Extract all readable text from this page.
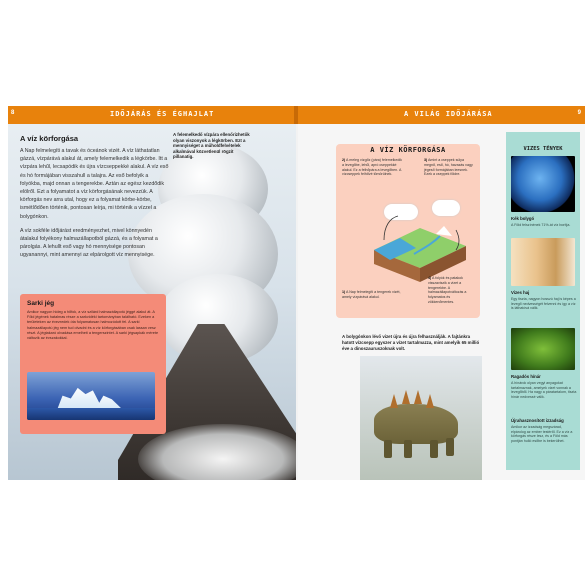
8	IDŐJÁRÁS ÉS ÉGHAJLAT	A VILÁG IDŐJÁRÁSA	9
A víz körforgása

A Nap felmelegíti a tavak és óceánok vizét. A víz láthatatlan gázzá, vízpárává alakul át, amely felemelkedik a légkörbe. Itt a vízpára lehűl, lecsapódik és újra vízcseppekké alakul. A víz eső és hó formájában visszahull a talajra. Az eső befolyik a folyókba, majd onnan a tengerekbe. Aztán az egész kezdődik elölről. Ezt a folyamatot a víz körforgásának nevezzük. A körforgás nev arra utal, hogy ez a folyamat körbe-körbe, ismétlődően történik, pontosan leírja, mi történik a vízzel a bolygónkon.

A víz sokféle időjárást eredményezhet, mivel könnyedén átalakul folyékony halmazállapotból gázzá, és a folyamat a párolgás. A lehullt eső vagy hó mennyisége pontosan ugyanannyi, mint amennyi az elpárolgott víz mennyisége.

A felemelkedő vízpára ellenőrizhetők olyan viszonyok a légkörben. Ezt a mennyiséget a műholdfelvételek alkalmával közvetlenül rögzít pillanatig.
Sarki jég

Amikor nagyon hideg a hőfok, a víz szilárd halmazállapotú jéggé alakul át. A Föld jégének hatalmas része a sarkvidéki tartományban található. Ezeken a területeken az évezredek óta folyamatosan halmozódott fel. A sarki halmazállapotú jég nem tud olvadni és a víz körforgásában csak lassan vesz részt. A jégtakaró olvadása emelheti a tengerszintet. A sarki jégsapkák mérete változik az évszakokkal.

A VÍZ KÖRFORGÁSA
2) A meleg vízgőz (pára) felemelkedik a levegőbe, lehűl, apró cseppekké alakul. Ez a felhőpára a levegőben. A vízcseppek felhővé tömörülnek.
3) Amint a cseppek súlya megnő, eső, hó, havazás vagy jégeső formájában leesnek. Ezek a cseppek földre.
1) A Nap felmelegíti a tengerek vizét, amely vízpárává alakul.
4) A folyók és patakok visszaviszik a vizet a tengerekbe. A halmazállapotváltozás a folyamatos és zökkenőmentes.
A bolygónkon lévő vizet újra és újra felhasználják. A fajtánkra hatott vízcsepp egyszer a vízet tartalmazza, mint amelyik 65 millió éve a dinoszauruszoknak volt.
VIZES TÉNYEK
Kék bolygó
A Föld felszínének 71%-át víz borítja.
Vizes haj
Egy tiszta, nagyon hosszú haj is képes a levegő nedvességét felvenni és így a víz is láthatóvá válik.
Ragadós hínár
A hínárok olyan vegyi anyagokat tartalmaznak, amelyek vizet vonnak a levegőből. Ha nagy a páratartalom, tiszta hínár nedvessé válik.
Újrahasznosított izzadság
Amikor az izzadság megszárad, elpárolog az ember testéről. Ez a víz a körforgás része lesz, és a Föld más pontján hulló esőbe is bekerülhet.
